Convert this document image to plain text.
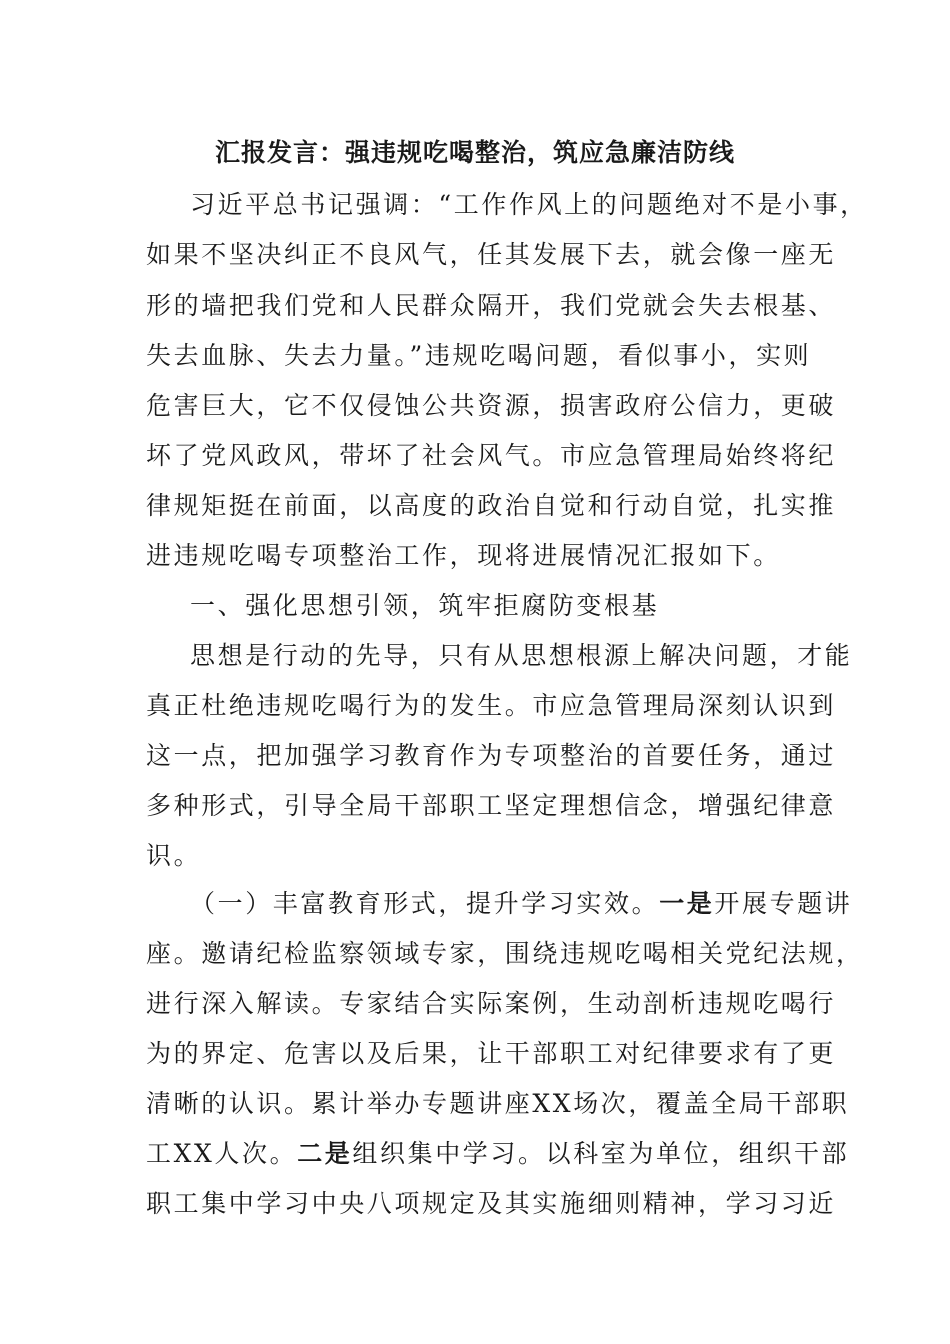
汇报发言：强违规吃喝整治，筑应急廉洁防线
习近平总书记强调：“工作作风上的问题绝对不是小事，
如果不坚决纠正不良风气，任其发展下去，就会像一座无
形的墙把我们党和人民群众隔开，我们党就会失去根基、
失去血脉、失去力量。”违规吃喝问题，看似事小，实则
危害巨大，它不仅侵蚀公共资源，损害政府公信力，更破
坏了党风政风，带坏了社会风气。市应急管理局始终将纪
律规矩挺在前面，以高度的政治自觉和行动自觉，扎实推
进违规吃喝专项整治工作，现将进展情况汇报如下。
一、强化思想引领，筑牢拒腐防变根基
思想是行动的先导，只有从思想根源上解决问题，才能
真正杜绝违规吃喝行为的发生。市应急管理局深刻认识到
这一点，把加强学习教育作为专项整治的首要任务，通过
多种形式，引导全局干部职工坚定理想信念，增强纪律意
识。
（一）丰富教育形式，提升学习实效。一是开展专题讲
座。邀请纪检监察领域专家，围绕违规吃喝相关党纪法规，
进行深入解读。专家结合实际案例，生动剖析违规吃喝行
为的界定、危害以及后果，让干部职工对纪律要求有了更
清晰的认识。累计举办专题讲座XX场次，覆盖全局干部职
工XX人次。二是组织集中学习。以科室为单位，组织干部
职工集中学习中央八项规定及其实施细则精神，学习习近
